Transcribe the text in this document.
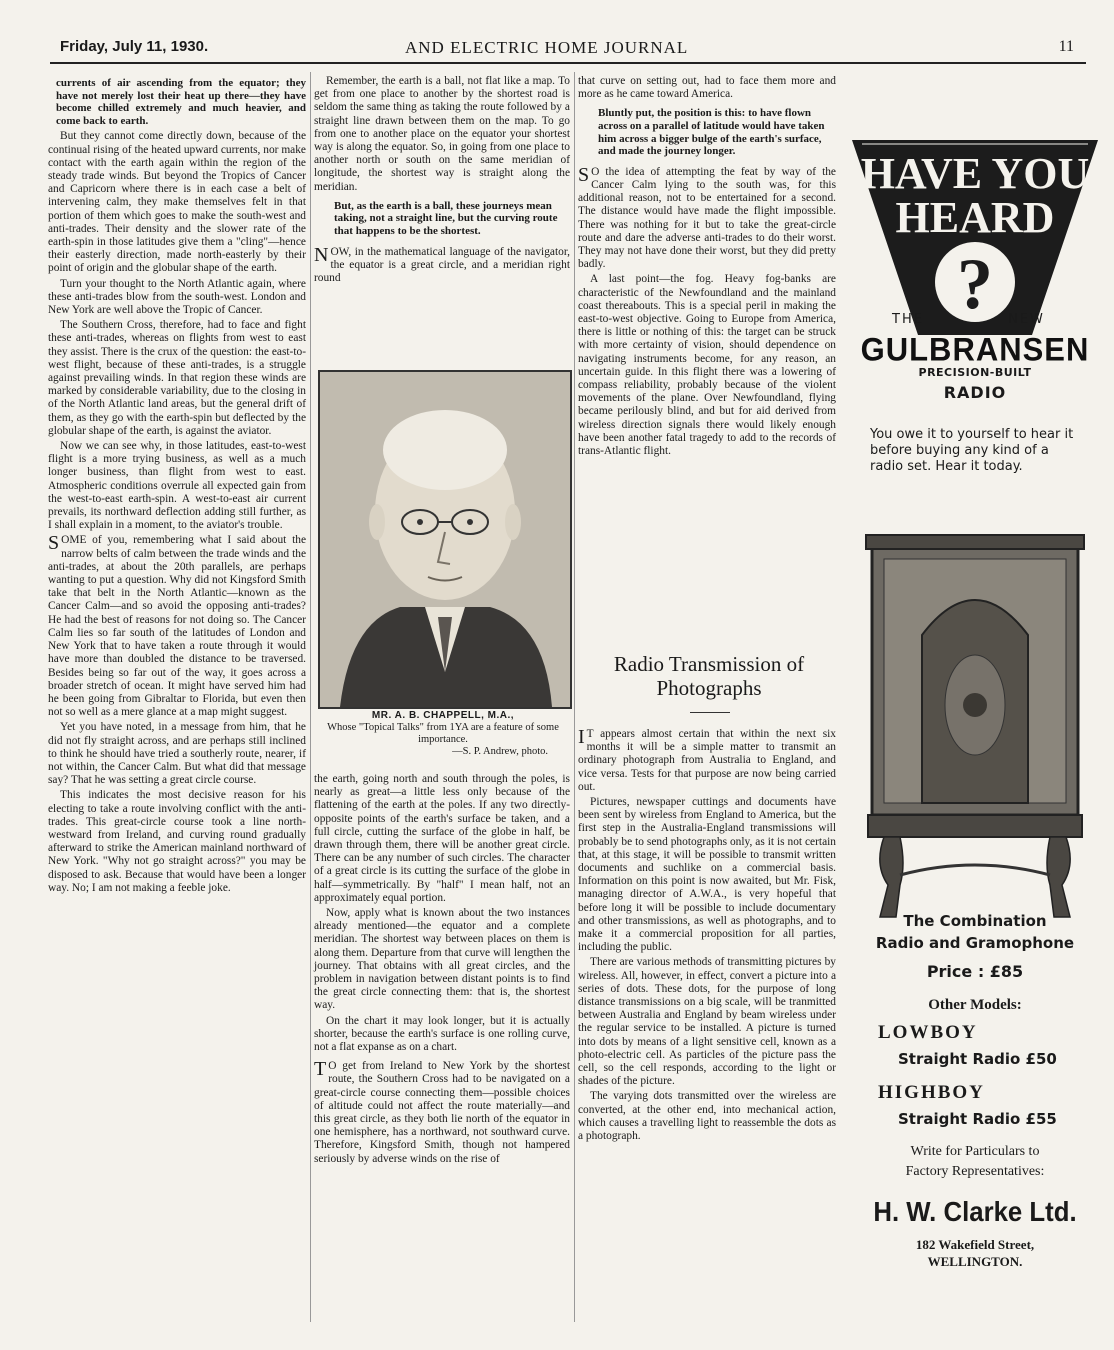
Friday, July 11, 1930.	AND ELECTRIC HOME JOURNAL	11
currents of air ascending from the equator; they have not merely lost their heat up there—they have become chilled extremely and much heavier, and come back to earth.

But they cannot come directly down, because of the continual rising of the heated upward currents, nor make contact with the earth again within the region of the steady trade winds. But beyond the Tropics of Cancer and Capricorn where there is in each case a belt of intervening calm, they make themselves felt in that portion of them which goes to make the south-west and anti-trades. Their density and the slower rate of the earth-spin in those latitudes give them a "cling"—hence their easterly direction, made north-easterly by their point of origin and the globular shape of the earth.

Turn your thought to the North Atlantic again, where these anti-trades blow from the south-west. London and New York are well above the Tropic of Cancer.

The Southern Cross, therefore, had to face and fight these anti-trades, whereas on flights from west to east they assist. There is the crux of the question: the east-to-west flight, because of these anti-trades, is a struggle against prevailing winds. In that region these winds are marked by considerable variability, due to the closing in of the North Atlantic land areas, but the general drift of them, as they go with the earth-spin but deflected by the globular shape of the earth, is against the aviator.

Now we can see why, in those latitudes, east-to-west flight is a more trying business, as well as a much longer business, than flight from west to east. Atmospheric conditions overrule all expected gain from the west-to-east earth-spin. A west-to-east air current prevails, its northward deflection adding still further, as I shall explain in a moment, to the aviator's trouble.

SOME of you, remembering what I said about the narrow belts of calm between the trade winds and the anti-trades, at about the 20th parallels, are perhaps wanting to put a question. Why did not Kingsford Smith take that belt in the North Atlantic—known as the Cancer Calm—and so avoid the opposing anti-trades? He had the best of reasons for not doing so. The Cancer Calm lies so far south of the latitudes of London and New York that to have taken a route through it would have more than doubled the distance to be traversed. Besides being so far out of the way, it goes across a broader stretch of ocean. It might have served him had he been going from Gibraltar to Florida, but even then not so well as a mere glance at a map might suggest.

Yet you have noted, in a message from him, that he did not fly straight across, and are perhaps still inclined to think he should have tried a southerly route, nearer, if not within, the Cancer Calm. But what did that message say? That he was setting a great circle course.

This indicates the most decisive reason for his electing to take a route involving conflict with the anti-trades. This great-circle course took a line north-westward from Ireland, and curving round gradually afterward to strike the American mainland northward of New York. "Why not go straight across?" you may be disposed to ask. Because that would have been a longer way. No; I am not making a feeble joke.

Remember, the earth is a ball, not flat like a map. To get from one place to another by the shortest road is seldom the same thing as taking the route followed by a straight line drawn between them on the map. To go from one to another place on the equator your shortest way is along the equator. So, in going from one place to another north or south on the same meridian of longitude, the shortest way is straight along the meridian.

But, as the earth is a ball, these journeys mean taking, not a straight line, but the curving route that happens to be the shortest.

NOW, in the mathematical language of the navigator, the equator is a great circle, and a meridian right round

MR. A. B. CHAPPELL, M.A.,
Whose "Topical Talks" from 1YA are a feature of some importance.
—S. P. Andrew, photo.

the earth, going north and south through the poles, is nearly as great—a little less only because of the flattening of the earth at the poles. If any two directly-opposite points of the earth's surface be taken, and a full circle, cutting the surface of the globe in half, be drawn through them, there will be another great circle. There can be any number of such circles. The character of a great circle is its cutting the surface of the globe in half—symmetrically. By "half" I mean half, not an approximately equal portion.

Now, apply what is known about the two instances already mentioned—the equator and a complete meridian. The shortest way between places on them is along them. Departure from that curve will lengthen the journey. That obtains with all great circles, and the problem in navigation between distant points is to find the great circle connecting them: that is, the shortest way.

On the chart it may look longer, but it is actually shorter, because the earth's surface is one rolling curve, not a flat expanse as on a chart.

TO get from Ireland to New York by the shortest route, the Southern Cross had to be navigated on a great-circle course connecting them—possible choices of altitude could not affect the route materially—and this great circle, as they both lie north of the equator in one hemisphere, has a northward, not southward curve. Therefore, Kingsford Smith, though not hampered seriously by adverse winds on the rise of

that curve on setting out, had to face them more and more as he came toward America.

Bluntly put, the position is this: to have flown across on a parallel of latitude would have taken him across a bigger bulge of the earth's surface, and made the journey longer.

SO the idea of attempting the feat by way of the Cancer Calm lying to the south was, for this additional reason, not to be entertained for a second. The distance would have made the flight impossible. There was nothing for it but to take the great-circle route and dare the adverse anti-trades to do their worst. They may not have done their worst, but they did pretty badly.

A last point—the fog. Heavy fog-banks are characteristic of the Newfoundland and the mainland coast thereabouts. This is a special peril in making the east-to-west objective. Going to Europe from America, there is little or nothing of this: the target can be struck with more certainty of vision, should dependence on navigating instruments become, for any reason, an uncertain guide. In this flight there was a lowering of compass reliability, probably because of the violent movements of the plane. Over Newfoundland, flying became perilously blind, and but for aid derived from wireless direction signals there would likely enough have been another fatal tragedy to add to the records of trans-Atlantic flight.

Radio Transmission of Photographs

IT appears almost certain that within the next six months it will be a simple matter to transmit an ordinary photograph from Australia to England, and vice versa. Tests for that purpose are now being carried out.

Pictures, newspaper cuttings and documents have been sent by wireless from England to America, but the first step in the Australia-England transmissions will probably be to send photographs only, as it is not certain that, at this stage, it will be possible to transmit written documents and suchlike on a commercial basis. Information on this point is now awaited, but Mr. Fisk, managing director of A.W.A., is very hopeful that before long it will be possible to include documentary and other transmissions, as well as photographs, and to make it a commercial proposition for all parties, including the public.

There are various methods of transmitting pictures by wireless. All, however, in effect, convert a picture into a series of dots. These dots, for the purpose of long distance transmissions on a big scale, will be tranmitted between Australia and England by beam wireless under the regular service to be installed. A picture is turned into dots by means of a light sensitive cell, known as a photo-electric cell. As particles of the picture pass the cell, so the cell responds, according to the light or shades of the picture.

The varying dots transmitted over the wireless are converted, at the other end, into mechanical action, which causes a travelling light to reassemble the dots as a photograph.

HAVE YOU
HEARD
?
THE	NEW
GULBRANSEN
PRECISION-BUILT
RADIO
You owe it to yourself to hear it before buying any kind of a radio set. Hear it today.
The Combination
Radio and Gramophone
Price : £85
Other Models:
LOWBOY
Straight Radio £50
HIGHBOY
Straight Radio £55
Write for Particulars to
Factory Representatives:
H. W. Clarke Ltd.
182 Wakefield Street,
WELLINGTON.
